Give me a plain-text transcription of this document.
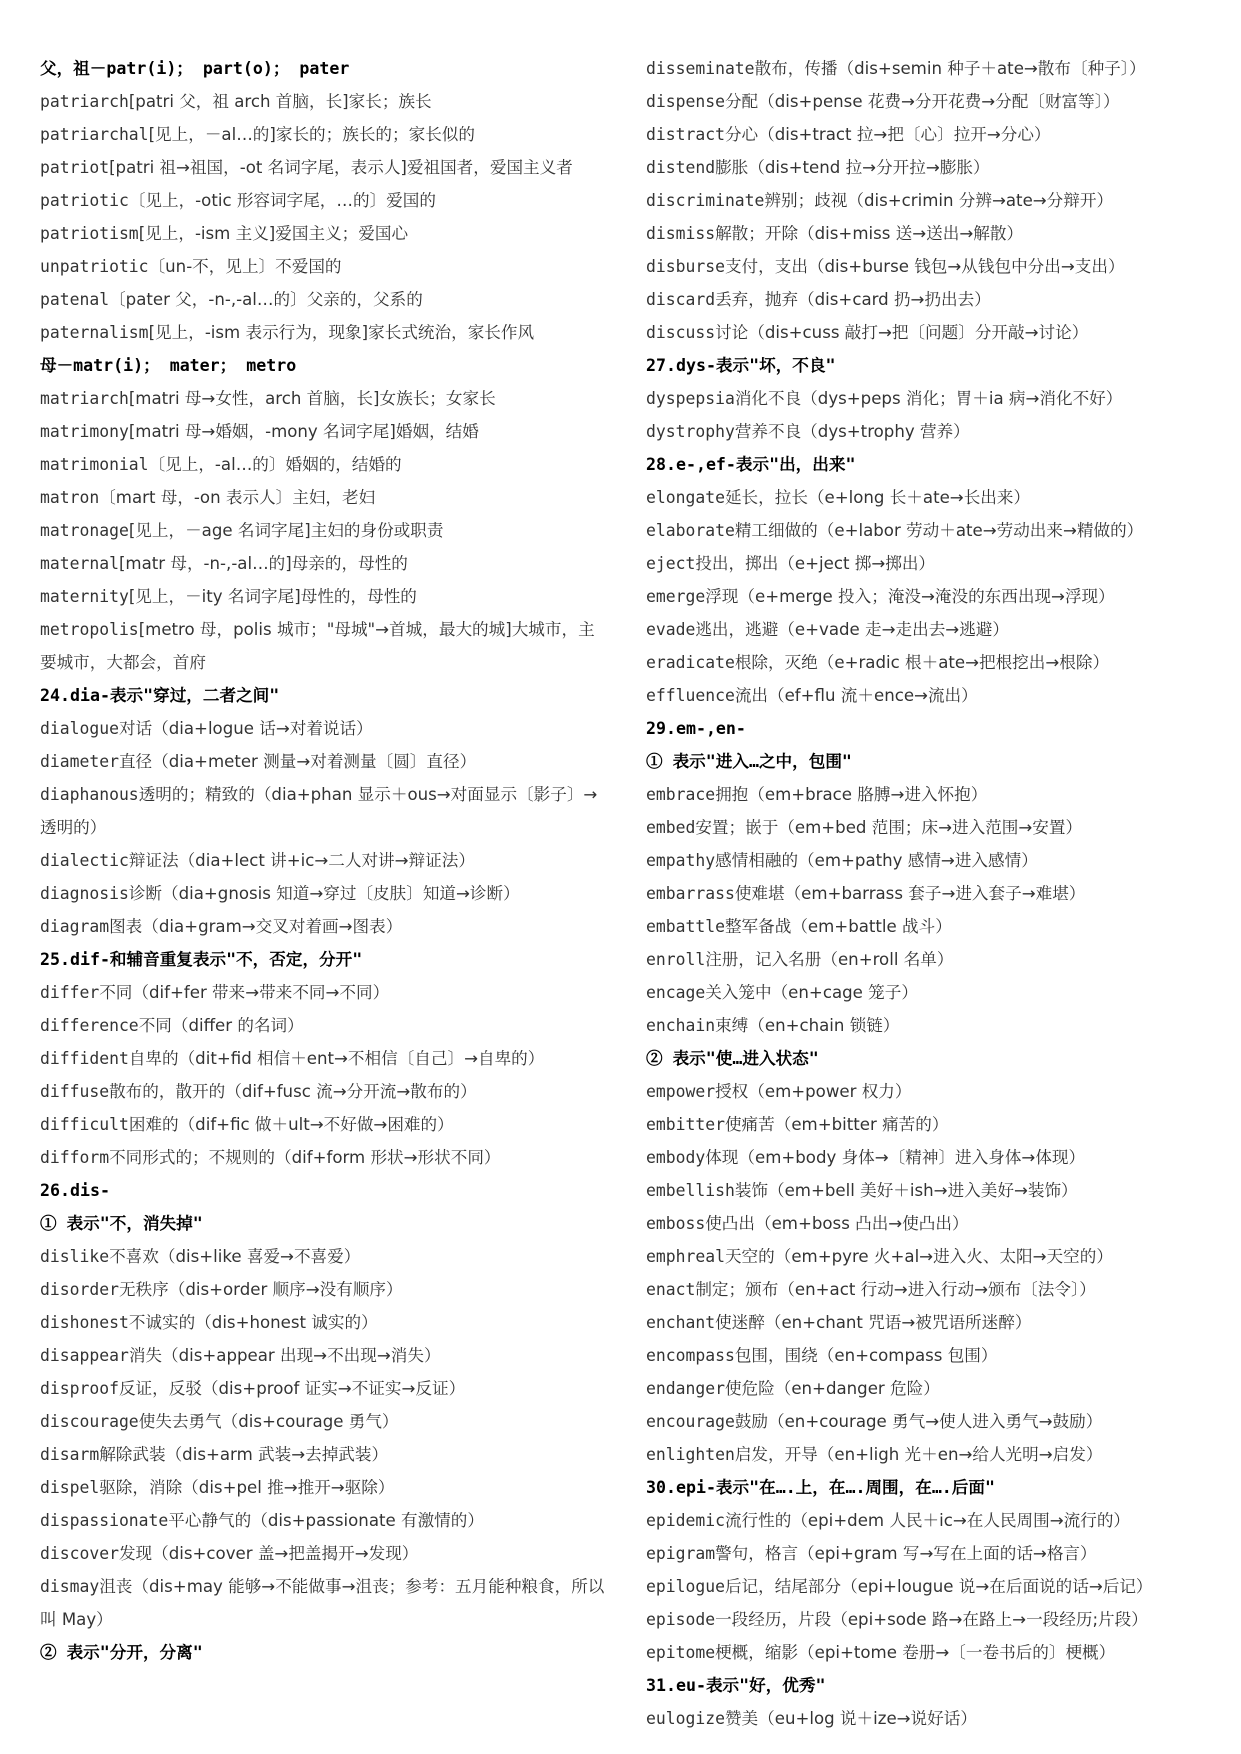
父，祖－patr(i)； part(o)； pater
patriarch[patri 父，祖 arch 首脑，长]家长；族长
patriarchal[见上，－al…的]家长的；族长的；家长似的
patriot[patri 祖→祖国，-ot 名词字尾，表示人]爱祖国者，爱国主义者
patriotic〔见上，-otic 形容词字尾，…的〕爱国的
patriotism[见上，-ism 主义]爱国主义；爱国心
unpatriotic〔un-不，见上〕不爱国的
patenal〔pater 父，-n-,-al…的〕父亲的，父系的
paternalism[见上，-ism 表示行为，现象]家长式统治，家长作风
母－matr(i)； mater； metro
matriarch[matri 母→女性，arch 首脑，长]女族长；女家长
matrimony[matri 母→婚姻，-mony 名词字尾]婚姻，结婚
matrimonial〔见上，-al…的〕婚姻的，结婚的
matron〔mart 母，-on 表示人〕主妇，老妇
matronage[见上，－age 名词字尾]主妇的身份或职责
maternal[matr 母，-n-,-al…的]母亲的，母性的
maternity[见上，－ity 名词字尾]母性的，母性的
metropolis[metro 母，polis 城市；"母城"→首城，最大的城]大城市，主要城市，大都会，首府
24.dia-表示"穿过，二者之间"
dialogue对话（dia+logue 话→对着说话）
diameter直径（dia+meter 测量→对着测量〔圆〕直径）
diaphanous透明的；精致的（dia+phan 显示＋ous→对面显示〔影子〕→透明的）
dialectic辩证法（dia+lect 讲+ic→二人对讲→辩证法）
diagnosis诊断（dia+gnosis 知道→穿过〔皮肤〕知道→诊断）
diagram图表（dia+gram→交叉对着画→图表）
25.dif-和辅音重复表示"不，否定，分开"
differ不同（dif+fer 带来→带来不同→不同）
difference不同（differ 的名词）
diffident自卑的（dit+fid 相信＋ent→不相信〔自己〕→自卑的）
diffuse散布的，散开的（dif+fusc 流→分开流→散布的）
difficult困难的（dif+fic 做＋ult→不好做→困难的）
difform不同形式的；不规则的（dif+form 形状→形状不同）
26.dis-
① 表示"不，消失掉"
dislike不喜欢（dis+like 喜爱→不喜爱）
disorder无秩序（dis+order 顺序→没有顺序）
dishonest不诚实的（dis+honest 诚实的）
disappear消失（dis+appear 出现→不出现→消失）
disproof反证，反驳（dis+proof 证实→不证实→反证）
discourage使失去勇气（dis+courage 勇气）
disarm解除武装（dis+arm 武装→去掉武装）
dispel驱除，消除（dis+pel 推→推开→驱除）
dispassionate平心静气的（dis+passionate 有激情的）
discover发现（dis+cover 盖→把盖揭开→发现）
dismay沮丧（dis+may 能够→不能做事→沮丧；参考：五月能种粮食，所以叫 May）
② 表示"分开，分离"
disseminate散布，传播（dis+semin 种子＋ate→散布〔种子〕）
dispense分配（dis+pense 花费→分开花费→分配〔财富等〕）
distract分心（dis+tract 拉→把〔心〕拉开→分心）
distend膨胀（dis+tend 拉→分开拉→膨胀）
discriminate辨别；歧视（dis+crimin 分辨→ate→分辩开）
dismiss解散；开除（dis+miss 送→送出→解散）
disburse支付，支出（dis+burse 钱包→从钱包中分出→支出）
discard丢弃，抛弃（dis+card 扔→扔出去）
discuss讨论（dis+cuss 敲打→把〔问题〕分开敲→讨论）
27.dys-表示"坏，不良"
dyspepsia消化不良（dys+peps 消化；胃＋ia 病→消化不好）
dystrophy营养不良（dys+trophy 营养）
28.e-,ef-表示"出，出来"
elongate延长，拉长（e+long 长＋ate→长出来）
elaborate精工细做的（e+labor 劳动＋ate→劳动出来→精做的）
eject投出，掷出（e+ject 掷→掷出）
emerge浮现（e+merge 投入；淹没→淹没的东西出现→浮现）
evade逃出，逃避（e+vade 走→走出去→逃避）
eradicate根除，灭绝（e+radic 根＋ate→把根挖出→根除）
effluence流出（ef+flu 流＋ence→流出）
29.em-,en-
① 表示"进入…之中，包围"
embrace拥抱（em+brace 胳膊→进入怀抱）
embed安置；嵌于（em+bed 范围；床→进入范围→安置）
empathy感情相融的（em+pathy 感情→进入感情）
embarrass使难堪（em+barrass 套子→进入套子→难堪）
embattle整军备战（em+battle 战斗）
enroll注册，记入名册（en+roll 名单）
encage关入笼中（en+cage 笼子）
enchain束缚（en+chain 锁链）
② 表示"使…进入状态"
empower授权（em+power 权力）
embitter使痛苦（em+bitter 痛苦的）
embody体现（em+body 身体→〔精神〕进入身体→体现）
embellish装饰（em+bell 美好＋ish→进入美好→装饰）
emboss使凸出（em+boss 凸出→使凸出）
emphreal天空的（em+pyre 火+al→进入火、太阳→天空的）
enact制定；颁布（en+act 行动→进入行动→颁布〔法令〕）
enchant使迷醉（en+chant 咒语→被咒语所迷醉）
encompass包围，围绕（en+compass 包围）
endanger使危险（en+danger 危险）
encourage鼓励（en+courage 勇气→使人进入勇气→鼓励）
enlighten启发，开导（en+ligh 光＋en→给人光明→启发）
30.epi-表示"在….上，在….周围，在….后面"
epidemic流行性的（epi+dem 人民＋ic→在人民周围→流行的）
epigram警句，格言（epi+gram 写→写在上面的话→格言）
epilogue后记，结尾部分（epi+lougue 说→在后面说的话→后记）
episode一段经历，片段（epi+sode 路→在路上→一段经历;片段）
epitome梗概，缩影（epi+tome 卷册→〔一卷书后的〕梗概）
31.eu-表示"好，优秀"
eulogize赞美（eu+log 说＋ize→说好话）
